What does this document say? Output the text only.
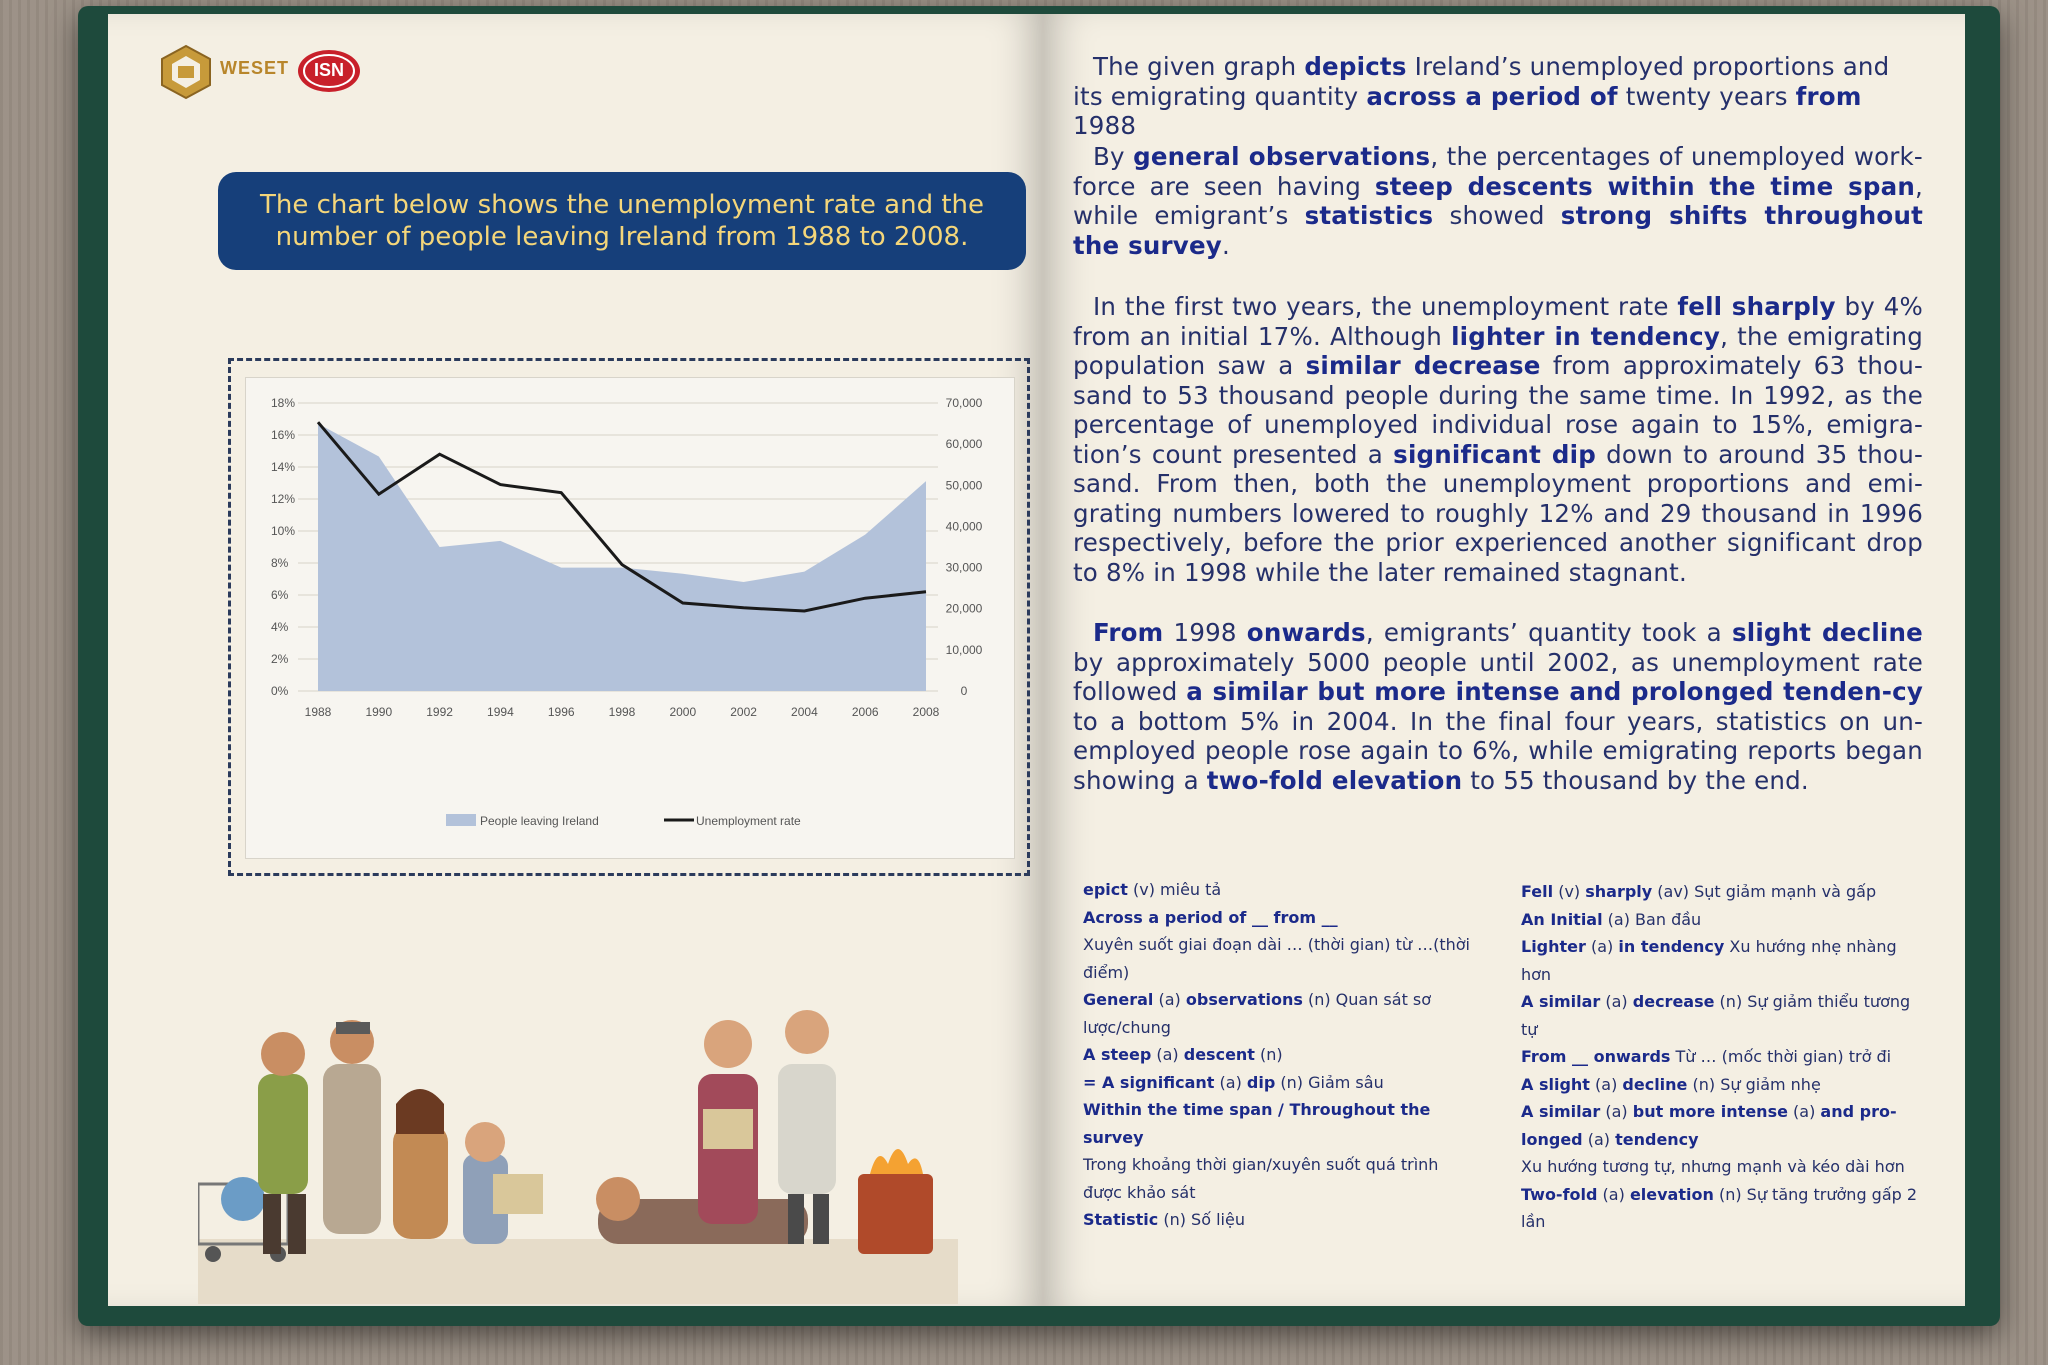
WESET	ISN
The chart below shows the unemployment rate and the
number of people leaving Ireland from 1988 to 2008.
0%
2%
4%
6%
8%
10%
12%
14%
16%
18%
0
10,000
20,000
30,000
40,000
50,000
60,000
70,000
1988	1990	1992	1994	1996	1998	2000	2002	2004	2006	2008
People leaving Ireland	Unemployment rate
The given graph depicts Ireland’s unemployed proportions and its emigrating quantity across a period of twenty years from 1988
By general observations, the percentages of unemployed work-force are seen having steep descents within the time span, while emigrant’s statistics showed strong shifts throughout the survey.
In the first two years, the unemployment rate fell sharply by 4% from an initial 17%. Although lighter in tendency, the emigrating population saw a similar decrease from approximately 63 thou-sand to 53 thousand people during the same time. In 1992, as the percentage of unemployed individual rose again to 15%, emigra-tion’s count presented a significant dip down to around 35 thou-sand. From then, both the unemployment proportions and emi-grating numbers lowered to roughly 12% and 29 thousand in 1996 respectively, before the prior experienced another significant drop to 8% in 1998 while the later remained stagnant.
From 1998 onwards, emigrants’ quantity took a slight decline by approximately 5000 people until 2002, as unemployment rate followed a similar but more intense and prolonged tenden-cy to a bottom 5% in 2004. In the final four years, statistics on un-employed people rose again to 6%, while emigrating reports began showing a two-fold elevation to 55 thousand by the end.
epict (v) miêu tả
Across a period of __ from __
Xuyên suốt giai đoạn dài … (thời gian) từ …(thời điểm)
General (a) observations (n) Quan sát sơ lược/chung
A steep (a) descent (n)
= A significant (a) dip (n) Giảm sâu
Within the time span / Throughout the survey
Trong khoảng thời gian/xuyên suốt quá trình được khảo sát
Statistic (n) Số liệu
Fell (v) sharply (av) Sụt giảm mạnh và gấp
An Initial (a) Ban đầu
Lighter (a) in tendency Xu hướng nhẹ nhàng hơn
A similar (a) decrease (n) Sự giảm thiểu tương tự
From __ onwards Từ … (mốc thời gian) trở đi
A slight (a) decline (n) Sự giảm nhẹ
A similar (a) but more intense (a) and pro-longed (a) tendency
Xu hướng tương tự, nhưng mạnh và kéo dài hơn
Two-fold (a) elevation (n) Sự tăng trưởng gấp 2 lần
